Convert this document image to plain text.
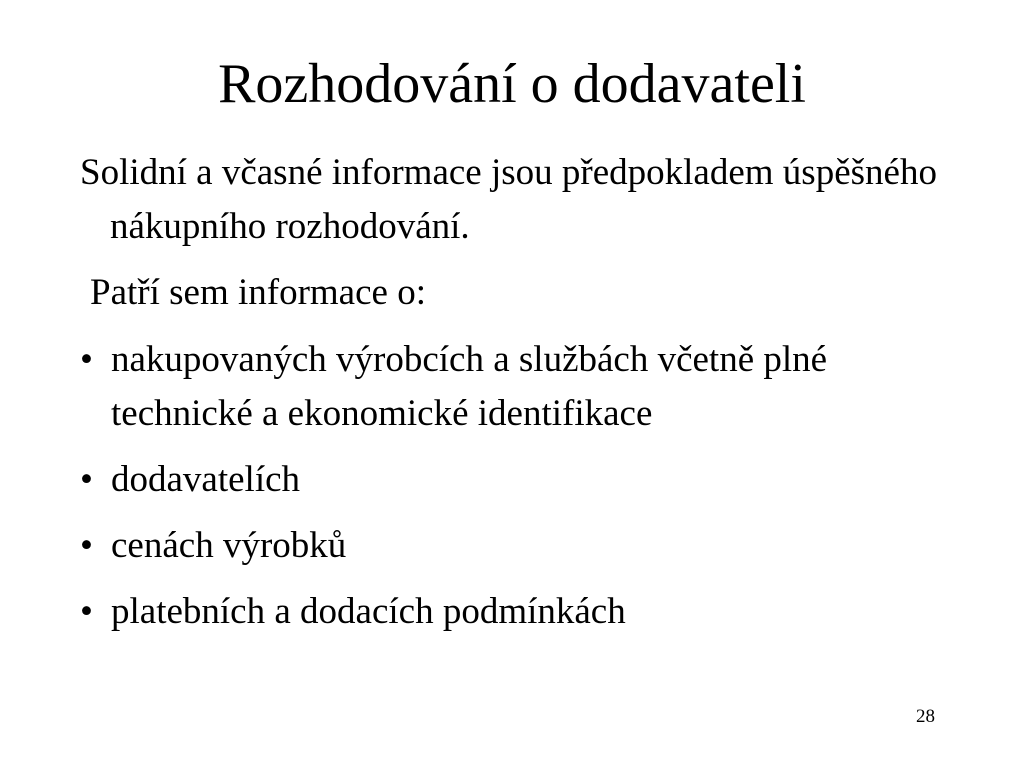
Rozhodování o dodavateli
Solidní a včasné informace jsou předpokladem úspěšného nákupního rozhodování.
Patří sem informace o:
• nakupovaných výrobcích a službách včetně plné technické a ekonomické identifikace
• dodavatelích
• cenách výrobků
• platebních a dodacích podmínkách
28
